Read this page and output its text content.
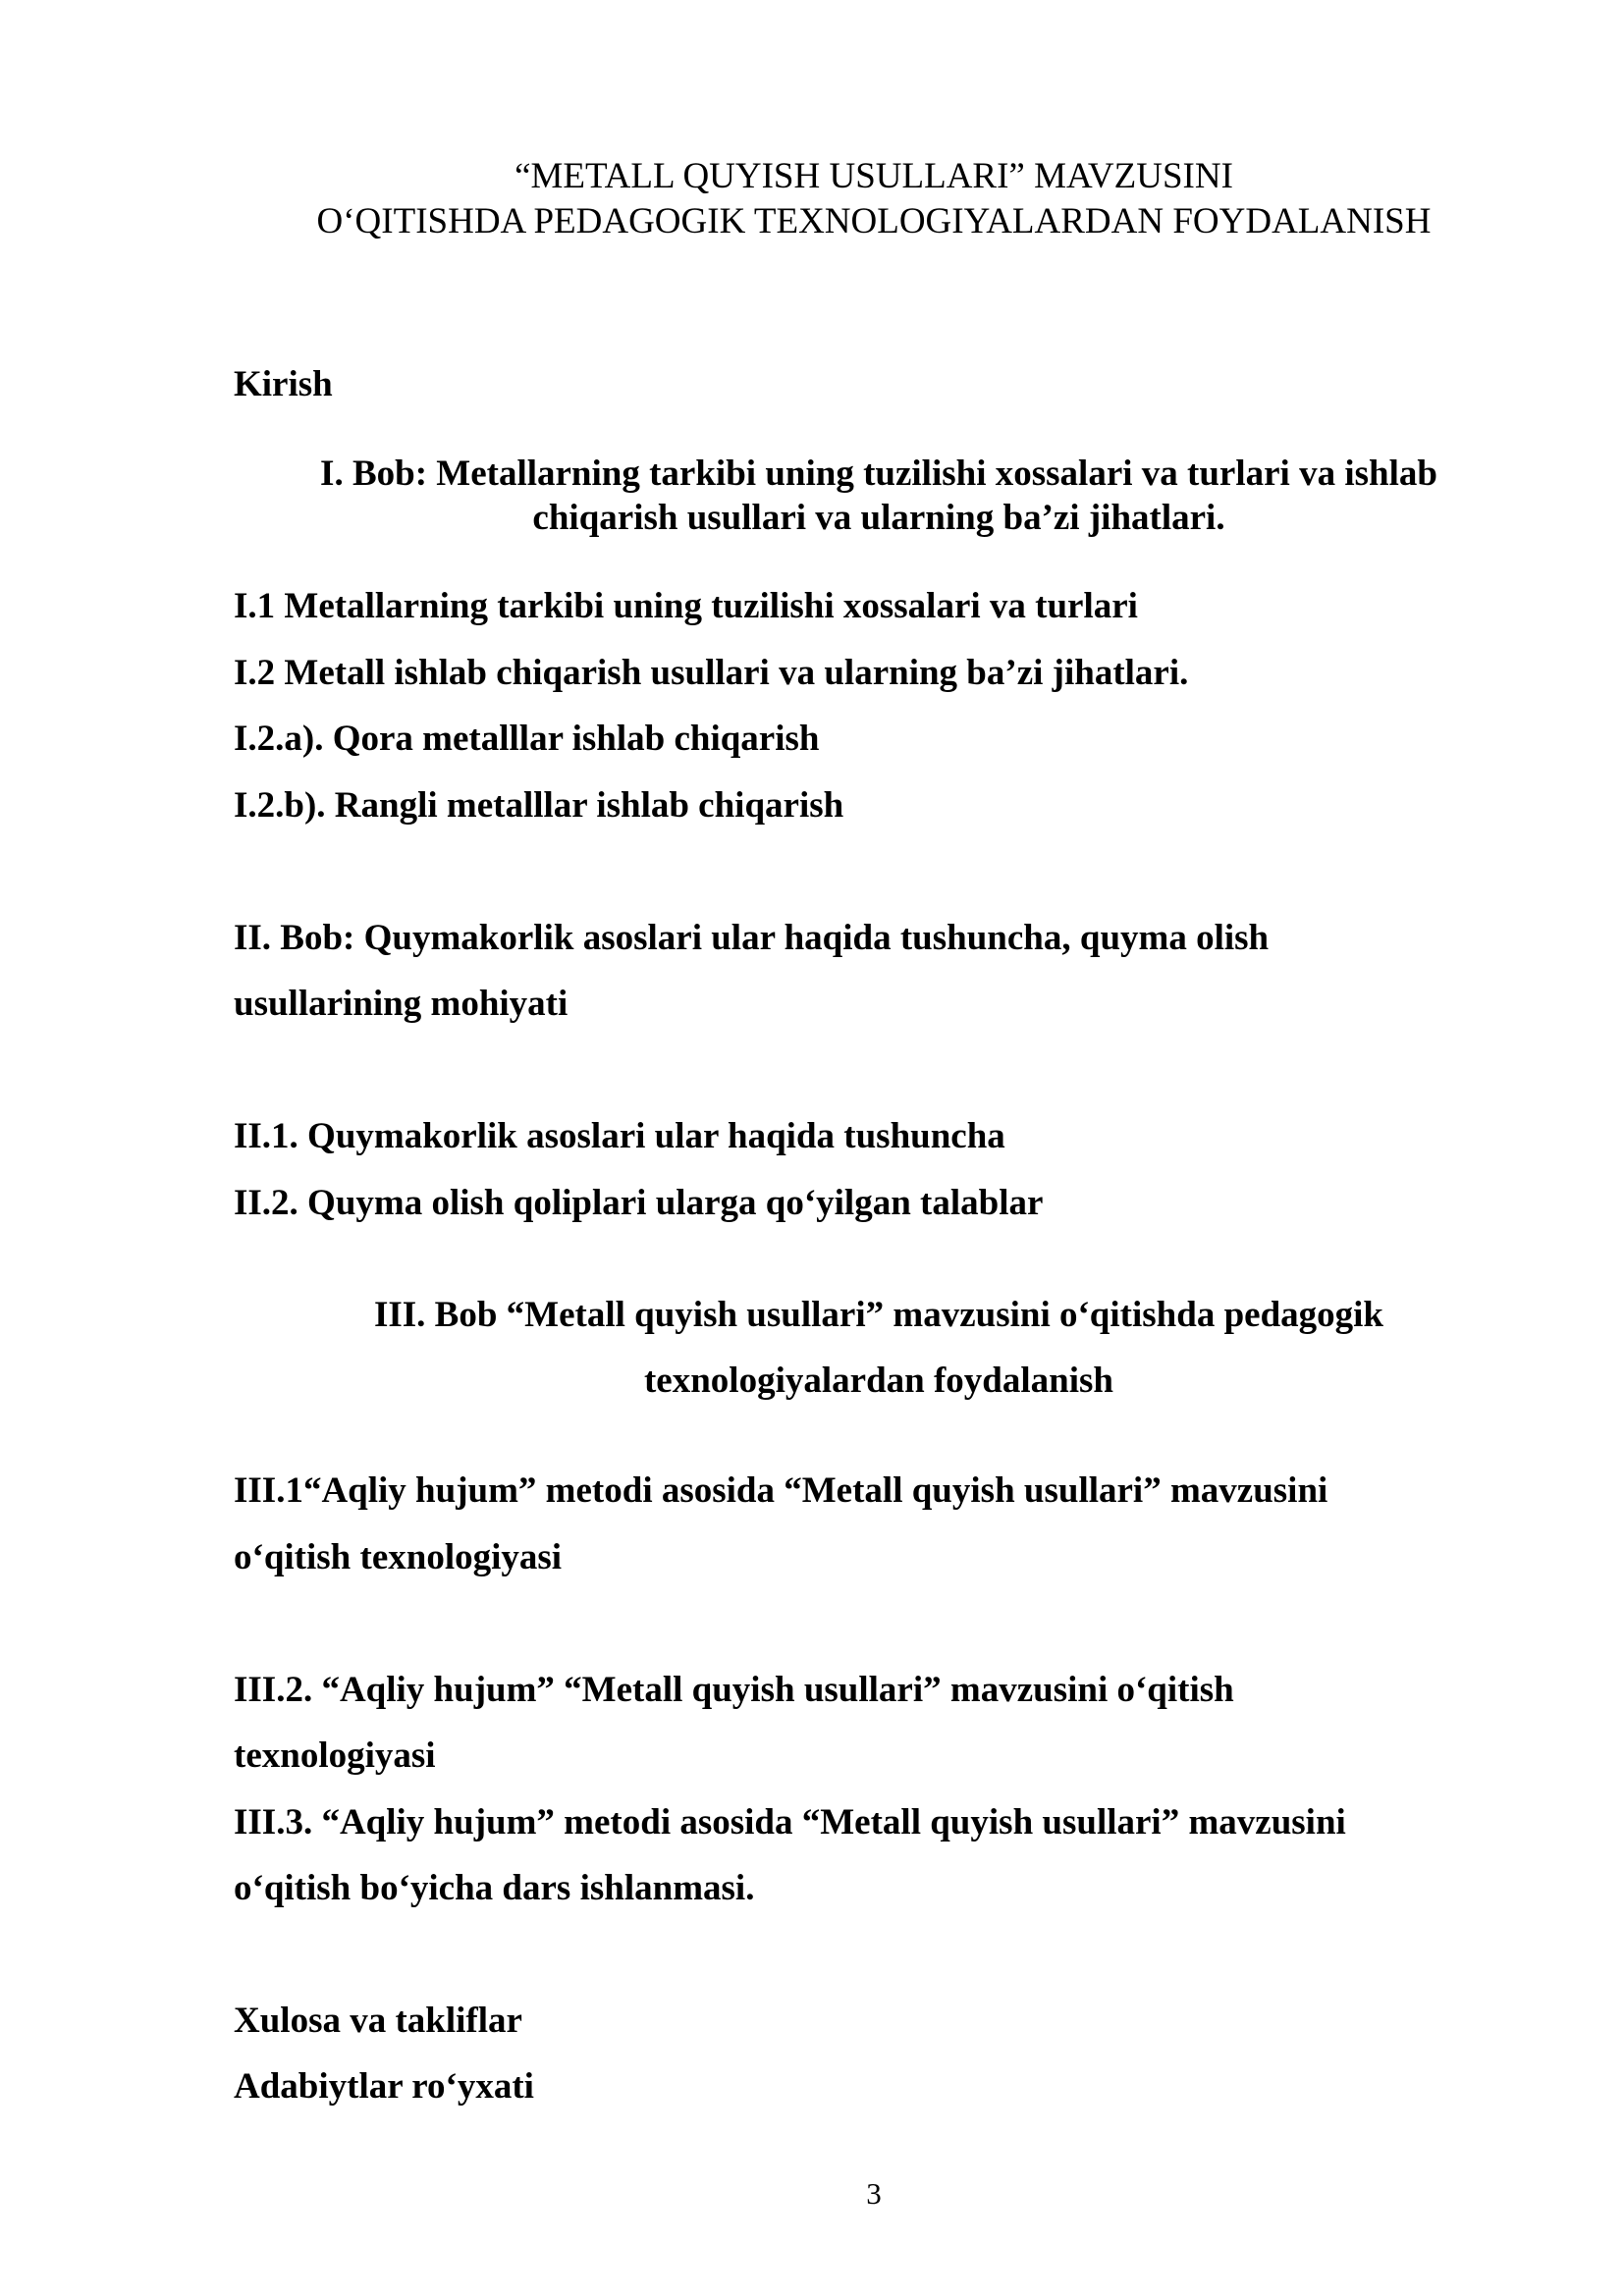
“METALL QUYISH USULLARI” MAVZUSINI
O‘QITISHDA PEDAGOGIK TEXNOLOGIYALARDAN FOYDALANISH
Kirish
I. Bob: Metallarning tarkibi uning tuzilishi xossalari va turlari va ishlab
chiqarish usullari va ularning ba’zi jihatlari.
I.1 Metallarning tarkibi uning tuzilishi xossalari va turlari
I.2 Metall ishlab chiqarish usullari va ularning ba’zi jihatlari.
I.2.a). Qora metalllar ishlab chiqarish
I.2.b). Rangli metalllar ishlab chiqarish
II. Bob: Quymakorlik asoslari ular haqida tushuncha, quyma olish
usullarining mohiyati
II.1. Quymakorlik asoslari ular haqida tushuncha
II.2. Quyma olish qoliplari ularga qo‘yilgan talablar
III. Bob “Metall quyish usullari” mavzusini o‘qitishda pedagogik
texnologiyalardan foydalanish
III.1“Aqliy hujum” metodi asosida “Metall quyish usullari” mavzusini
o‘qitish texnologiyasi
III.2. “Aqliy hujum” “Metall quyish usullari” mavzusini o‘qitish
texnologiyasi
III.3. “Aqliy hujum” metodi asosida “Metall quyish usullari” mavzusini
o‘qitish bo‘yicha dars ishlanmasi.
Xulosa va takliflar
Adabiytlar ro‘yxati
3
